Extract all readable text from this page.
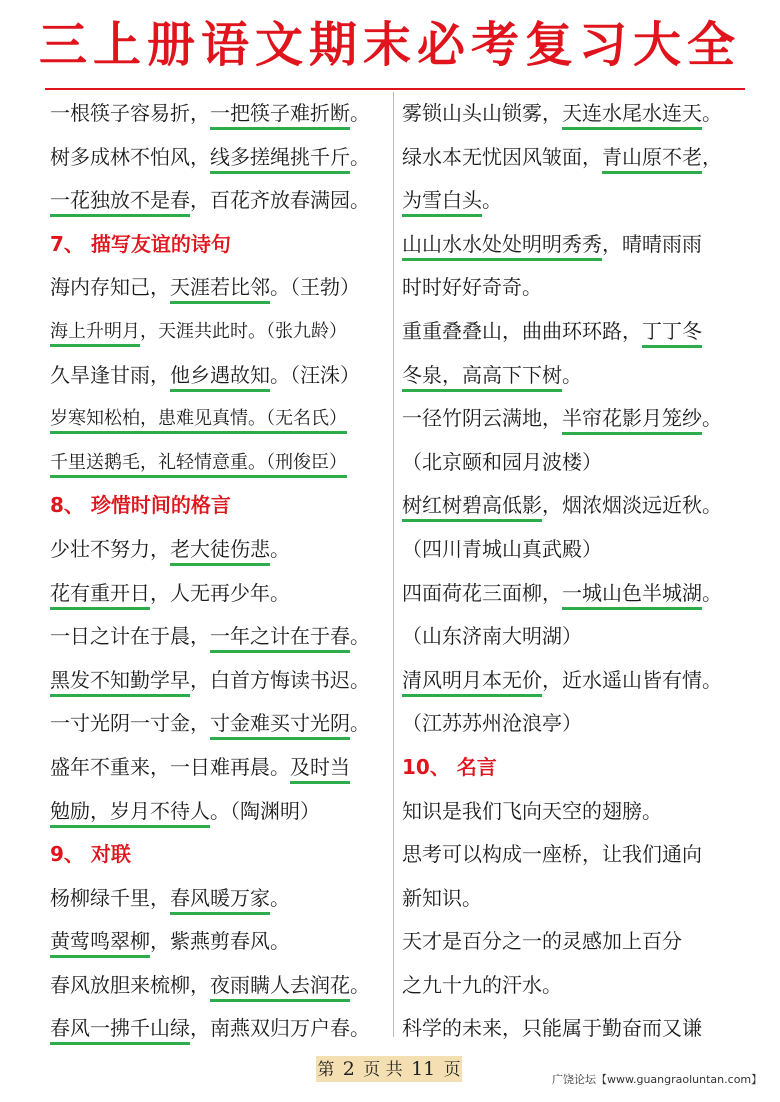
三上册语文期末必考复习大全
一根筷子容易折，一把筷子难折断。
树多成林不怕风，线多搓绳挑千斤。
一花独放不是春，百花齐放春满园。
7、 描写友谊的诗句
海内存知己，天涯若比邻。（王勃）
海上升明月，天涯共此时。（张九龄）
久旱逢甘雨，他乡遇故知。（汪洙）
岁寒知松柏，患难见真情。（无名氏）
千里送鹅毛，礼轻情意重。（刑俊臣）
8、 珍惜时间的格言
少壮不努力，老大徒伤悲。
花有重开日，人无再少年。
一日之计在于晨，一年之计在于春。
黑发不知勤学早，白首方悔读书迟。
一寸光阴一寸金，寸金难买寸光阴。
盛年不重来，一日难再晨。及时当
勉励，岁月不待人。（陶渊明）
9、 对联
杨柳绿千里，春风暖万家。
黄莺鸣翠柳，紫燕剪春风。
春风放胆来梳柳，夜雨瞒人去润花。
春风一拂千山绿，南燕双归万户春。
雾锁山头山锁雾，天连水尾水连天。
绿水本无忧因风皱面，青山原不老，
为雪白头。
山山水水处处明明秀秀，晴晴雨雨
时时好好奇奇。
重重叠叠山，曲曲环环路，丁丁冬
冬泉，高高下下树。
一径竹阴云满地，半帘花影月笼纱。
（北京颐和园月波楼）
树红树碧高低影，烟浓烟淡远近秋。
（四川青城山真武殿）
四面荷花三面柳，一城山色半城湖。
（山东济南大明湖）
清风明月本无价，近水遥山皆有情。
（江苏苏州沧浪亭）
10、 名言
知识是我们飞向天空的翅膀。
思考可以构成一座桥，让我们通向
新知识。
天才是百分之一的灵感加上百分
之九十九的汗水。
科学的未来，只能属于勤奋而又谦
第 2 页 共 11 页	广饶论坛【www.guangraoluntan.com】
